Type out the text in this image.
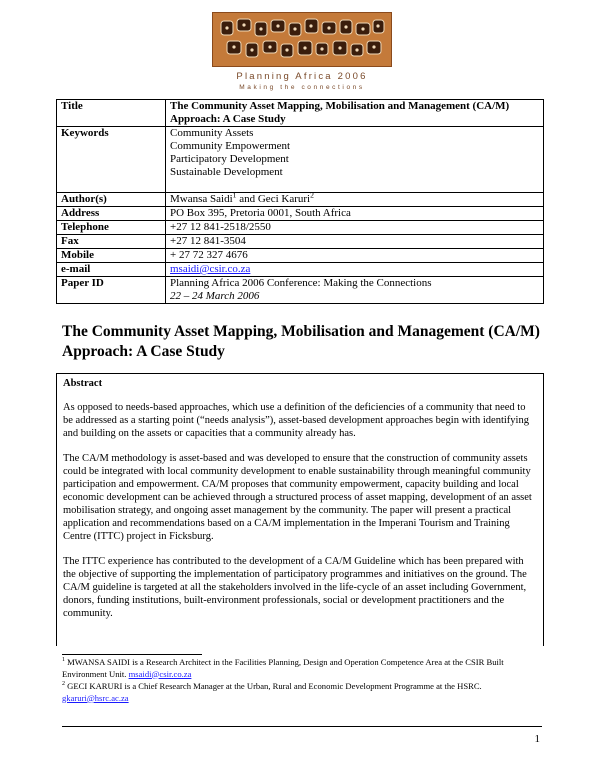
Planning Africa 2006
Making the connections
Title	The Community Asset Mapping, Mobilisation and Management (CA/M) Approach: A Case Study
Keywords	Community Assets
Community Empowerment
Participatory Development
Sustainable Development

Author(s)	Mwansa Saidi$^1$ and Geci Karuri$^2$
Address	PO Box 395, Pretoria 0001, South Africa
Telephone	+27 12 841-2518/2550
Fax	+27 12 841-3504
Mobile	+ 27 72 327 4676
e-mail	msaidi@csir.co.za
Paper ID	Planning Africa 2006 Conference: Making the Connections
22 – 24 March 2006
The Community Asset Mapping, Mobilisation and Management (CA/M) Approach: A Case Study
Abstract

As opposed to needs-based approaches, which use a definition of the deficiencies of a community that need to be addressed as a starting point (“needs analysis”), asset-based development approaches begin with identifying and building on the assets or capacities that a community already has.

The CA/M methodology is asset-based and was developed to ensure that the construction of community assets could be integrated with local community development to enable sustainability through meaningful community participation and empowerment. CA/M proposes that community empowerment, capacity building and local economic development can be achieved through a structured process of asset mapping, development of an asset mobilisation strategy, and ongoing asset management by the community. The paper will present a practical application and recommendations based on a CA/M implementation in the Imperani Tourism and Training Centre (ITTC) project in Ficksburg.

The ITTC experience has contributed to the development of a CA/M Guideline which has been prepared with the objective of supporting the implementation of participatory programmes and initiatives on the ground. The CA/M guideline is targeted at all the stakeholders involved in the life-cycle of an asset including Government, donors, funding institutions, built-environment professionals, social or development practitioners and the community.

$^1$ MWANSA SAIDI is a Research Architect in the Facilities Planning, Design and Operation Competence Area at the CSIR Built Environment Unit. msaidi@csir.co.za

$^2$ GECI KARURI is a Chief Research Manager at the Urban, Rural and Economic Development Programme at the HSRC. gkaruri@hsrc.ac.za

1
